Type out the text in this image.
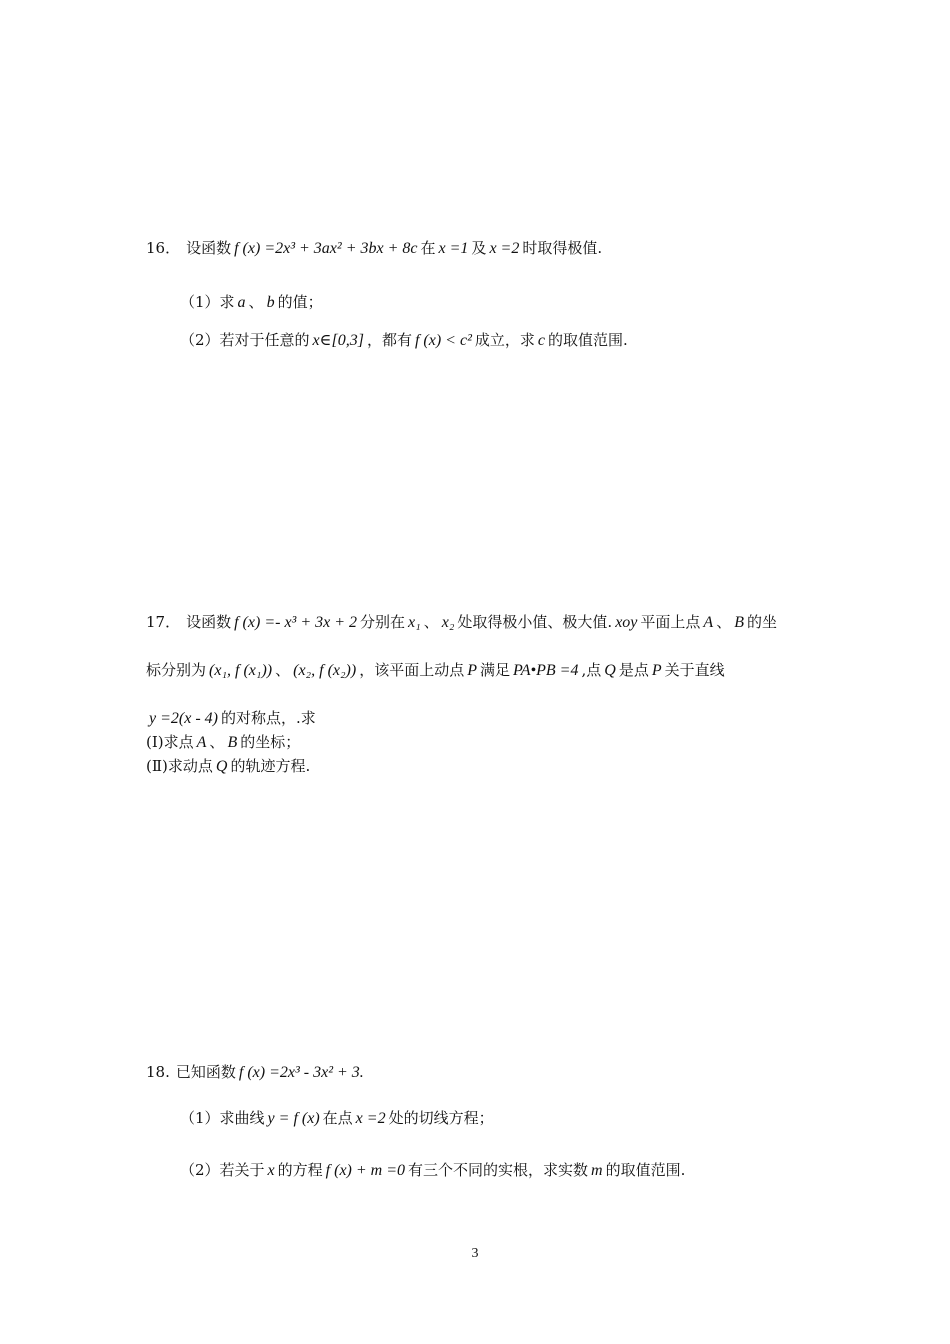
16． 设函数 f (x) =2x³ + 3ax² + 3bx + 8c 在 x =1 及 x =2 时取得极值.
（1）求 a 、 b 的值；
（2）若对于任意的 x∈[0,3] ，都有 f (x) < c² 成立，求 c 的取值范围.
17． 设函数 f (x) =- x³ + 3x + 2 分别在 x₁ 、 x₂ 处取得极小值、极大值. xoy 平面上点 A 、 B 的坐
标分别为 (x₁, f (x₁)) 、 (x₂, f (x₂)) ，该平面上动点 P 满足 PA•PB =4 ,点 Q 是点 P 关于直线
y =2(x - 4) 的对称点，.求
(Ⅰ)求点 A 、 B 的坐标；
(Ⅱ)求动点 Q 的轨迹方程.
18. 已知函数 f (x) =2x³ - 3x² + 3.
（1）求曲线 y = f (x) 在点 x =2 处的切线方程；
（2）若关于 x 的方程 f (x) + m =0 有三个不同的实根，求实数 m 的取值范围.
3
